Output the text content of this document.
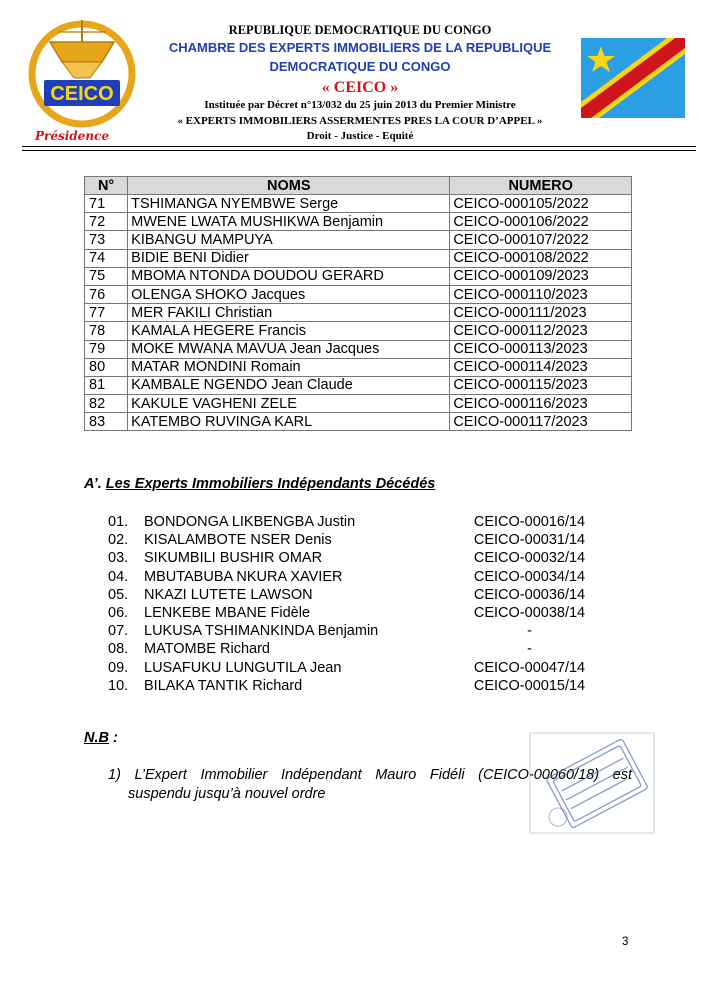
CEICO
Présidence
REPUBLIQUE DEMOCRATIQUE DU CONGO
CHAMBRE DES EXPERTS IMMOBILIERS DE LA REPUBLIQUE
DEMOCRATIQUE DU CONGO
« CEICO »
Instituée par Décret n°13/032 du 25 juin 2013 du Premier Ministre
« EXPERTS IMMOBILIERS ASSERMENTES PRES LA COUR D’APPEL »
Droit - Justice - Equité
N°	NOMS	NUMERO
71	TSHIMANGA NYEMBWE Serge	CEICO-000105/2022
72	MWENE LWATA MUSHIKWA Benjamin	CEICO-000106/2022
73	KIBANGU MAMPUYA	CEICO-000107/2022
74	BIDIE BENI Didier	CEICO-000108/2022
75	MBOMA NTONDA DOUDOU GERARD	CEICO-000109/2023
76	OLENGA SHOKO Jacques	CEICO-000110/2023
77	MER FAKILI Christian	CEICO-000111/2023
78	KAMALA HEGERE Francis	CEICO-000112/2023
79	MOKE MWANA MAVUA Jean Jacques	CEICO-000113/2023
80	MATAR MONDINI Romain	CEICO-000114/2023
81	KAMBALE NGENDO Jean Claude	CEICO-000115/2023
82	KAKULE VAGHENI ZELE	CEICO-000116/2023
83	KATEMBO RUVINGA KARL	CEICO-000117/2023
A’. Les Experts Immobiliers Indépendants Décédés
01.	BONDONGA LIKBENGBA Justin	CEICO-00016/14
02.	KISALAMBOTE NSER Denis	CEICO-00031/14
03.	SIKUMBILI BUSHIR OMAR	CEICO-00032/14
04.	MBUTABUBA NKURA XAVIER	CEICO-00034/14
05.	NKAZI LUTETE LAWSON	CEICO-00036/14
06.	LENKEBE MBANE Fidèle	CEICO-00038/14
07.	LUKUSA TSHIMANKINDA Benjamin	-
08.	MATOMBE Richard	-
09.	LUSAFUKU LUNGUTILA Jean	CEICO-00047/14
10.	BILAKA TANTIK Richard	CEICO-00015/14
N.B :
1) L’Expert Immobilier Indépendant Mauro Fidéli (CEICO-00060/18) est
suspendu jusqu’à nouvel ordre
3
